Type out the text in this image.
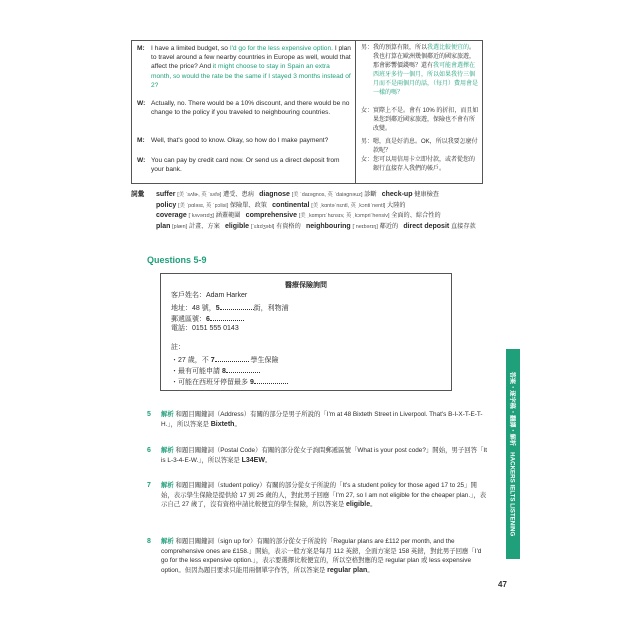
M: I have a limited budget, so I'd go for the less expensive option. I plan to travel around a few nearby countries in Europe as well, would that affect the price? And it might choose to stay in Spain an extra month, so would the rate be the same if I stayed 3 months instead of 2?
W: Actually, no. There would be a 10% discount, and there would be no change to the policy if you traveled to neighbouring countries.
M: Well, that's good to know. Okay, so how do I make payment?
W: You can pay by credit card now. Or send us a direct deposit from your bank.
男： 我的預算有限，所以我選比較便宜的。我也打算在歐洲幾個鄰近的國家旅遊，那會影響價錢嗎？還有我可能會選擇在西班牙多待一個月，所以如果我待三個月而不是兩個月的話，（每月）費用會是一樣的嗎？
女： 實際上不是。會有 10% 的折扣，而且如果您到鄰近國家旅遊，保險也不會有所改變。
男： 嗯，真是好消息。OK，所以我要怎麼付款呢？
女： 您可以用信用卡立即付款，或者從您的銀行直接存入我們的帳戶。
詞彙 suffer [美 ˈsʌfɚ, 英 ˈsʌfə] 遭受、患病 diagnose [美 ˈdaɪəgnos, 英 ˈdaiəgnəuz] 診斷 check-up 健康檢查
policy [美 ˈpɑləsɪ, 英 ˈpɔlisi] 保險單、政策 continental [美 ˌkɑntəˈnɛntl, 英 ˌkɔntiˈnentl] 大陸的
coverage [ˈkʌvərɪdʒ] 涵蓋範圍 comprehensive [美 ˌkɑmprɪˈhɛnsɪv, 英 ˌkɔmpriˈhensiv] 全面的、綜合性的
plan [plæn] 計畫、方案 eligible [ˈɛlɪdʒəbl] 有資格的 neighbouring [ˈneɪbərɪŋ] 鄰近的 direct deposit 直接存款
Questions 5-9
醫療保險詢問
客戶姓名：Adam Harker
地址：48 號，5	街，利物浦
郵遞區號：6
電話：0151 555 0143
註：
・27 歲，不 7	學生保險
・最有可能申請 8
・可能在西班牙停留最多 9
5 解析 和題目關鍵詞（Address）有關的部分是男子所說的「I'm at 48 Bixteth Street in Liverpool. That's B-I-X-T-E-T-H.」，所以答案是 Bixteth。
6 解析 和題目關鍵詞（Postal Code）有關的部分從女子詢問郵遞區號「What is your post code?」開始，男子回答「It is L-3-4-E-W.」，所以答案是 L34EW。
7 解析 和題目關鍵詞（student policy）有關的部分從女子所說的「It's a student policy for those aged 17 to 25」開始，表示學生保險是提供給 17 到 25 歲的人，對此男子回應「I'm 27, so I am not eligible for the cheaper plan.」，表示自己 27 歲了，沒有資格申請比較便宜的學生保險，所以答案是 eligible。
8 解析 和題目關鍵詞（sign up for）有關的部分從女子所說的「Regular plans are £112 per month, and the comprehensive ones are £158.」開始，表示一般方案是每月 112 英鎊，全面方案是 158 英鎊，對此男子回應「I'd go for the less expensive option.」，表示要選擇比較便宜的，所以空格對應的是 regular plan 或 less expensive option。但因為題目要求只能用兩個單字作答，所以答案是 regular plan。
答案・逐字稿・翻譯・解析　HACKERS IELTS LISTENING
47
